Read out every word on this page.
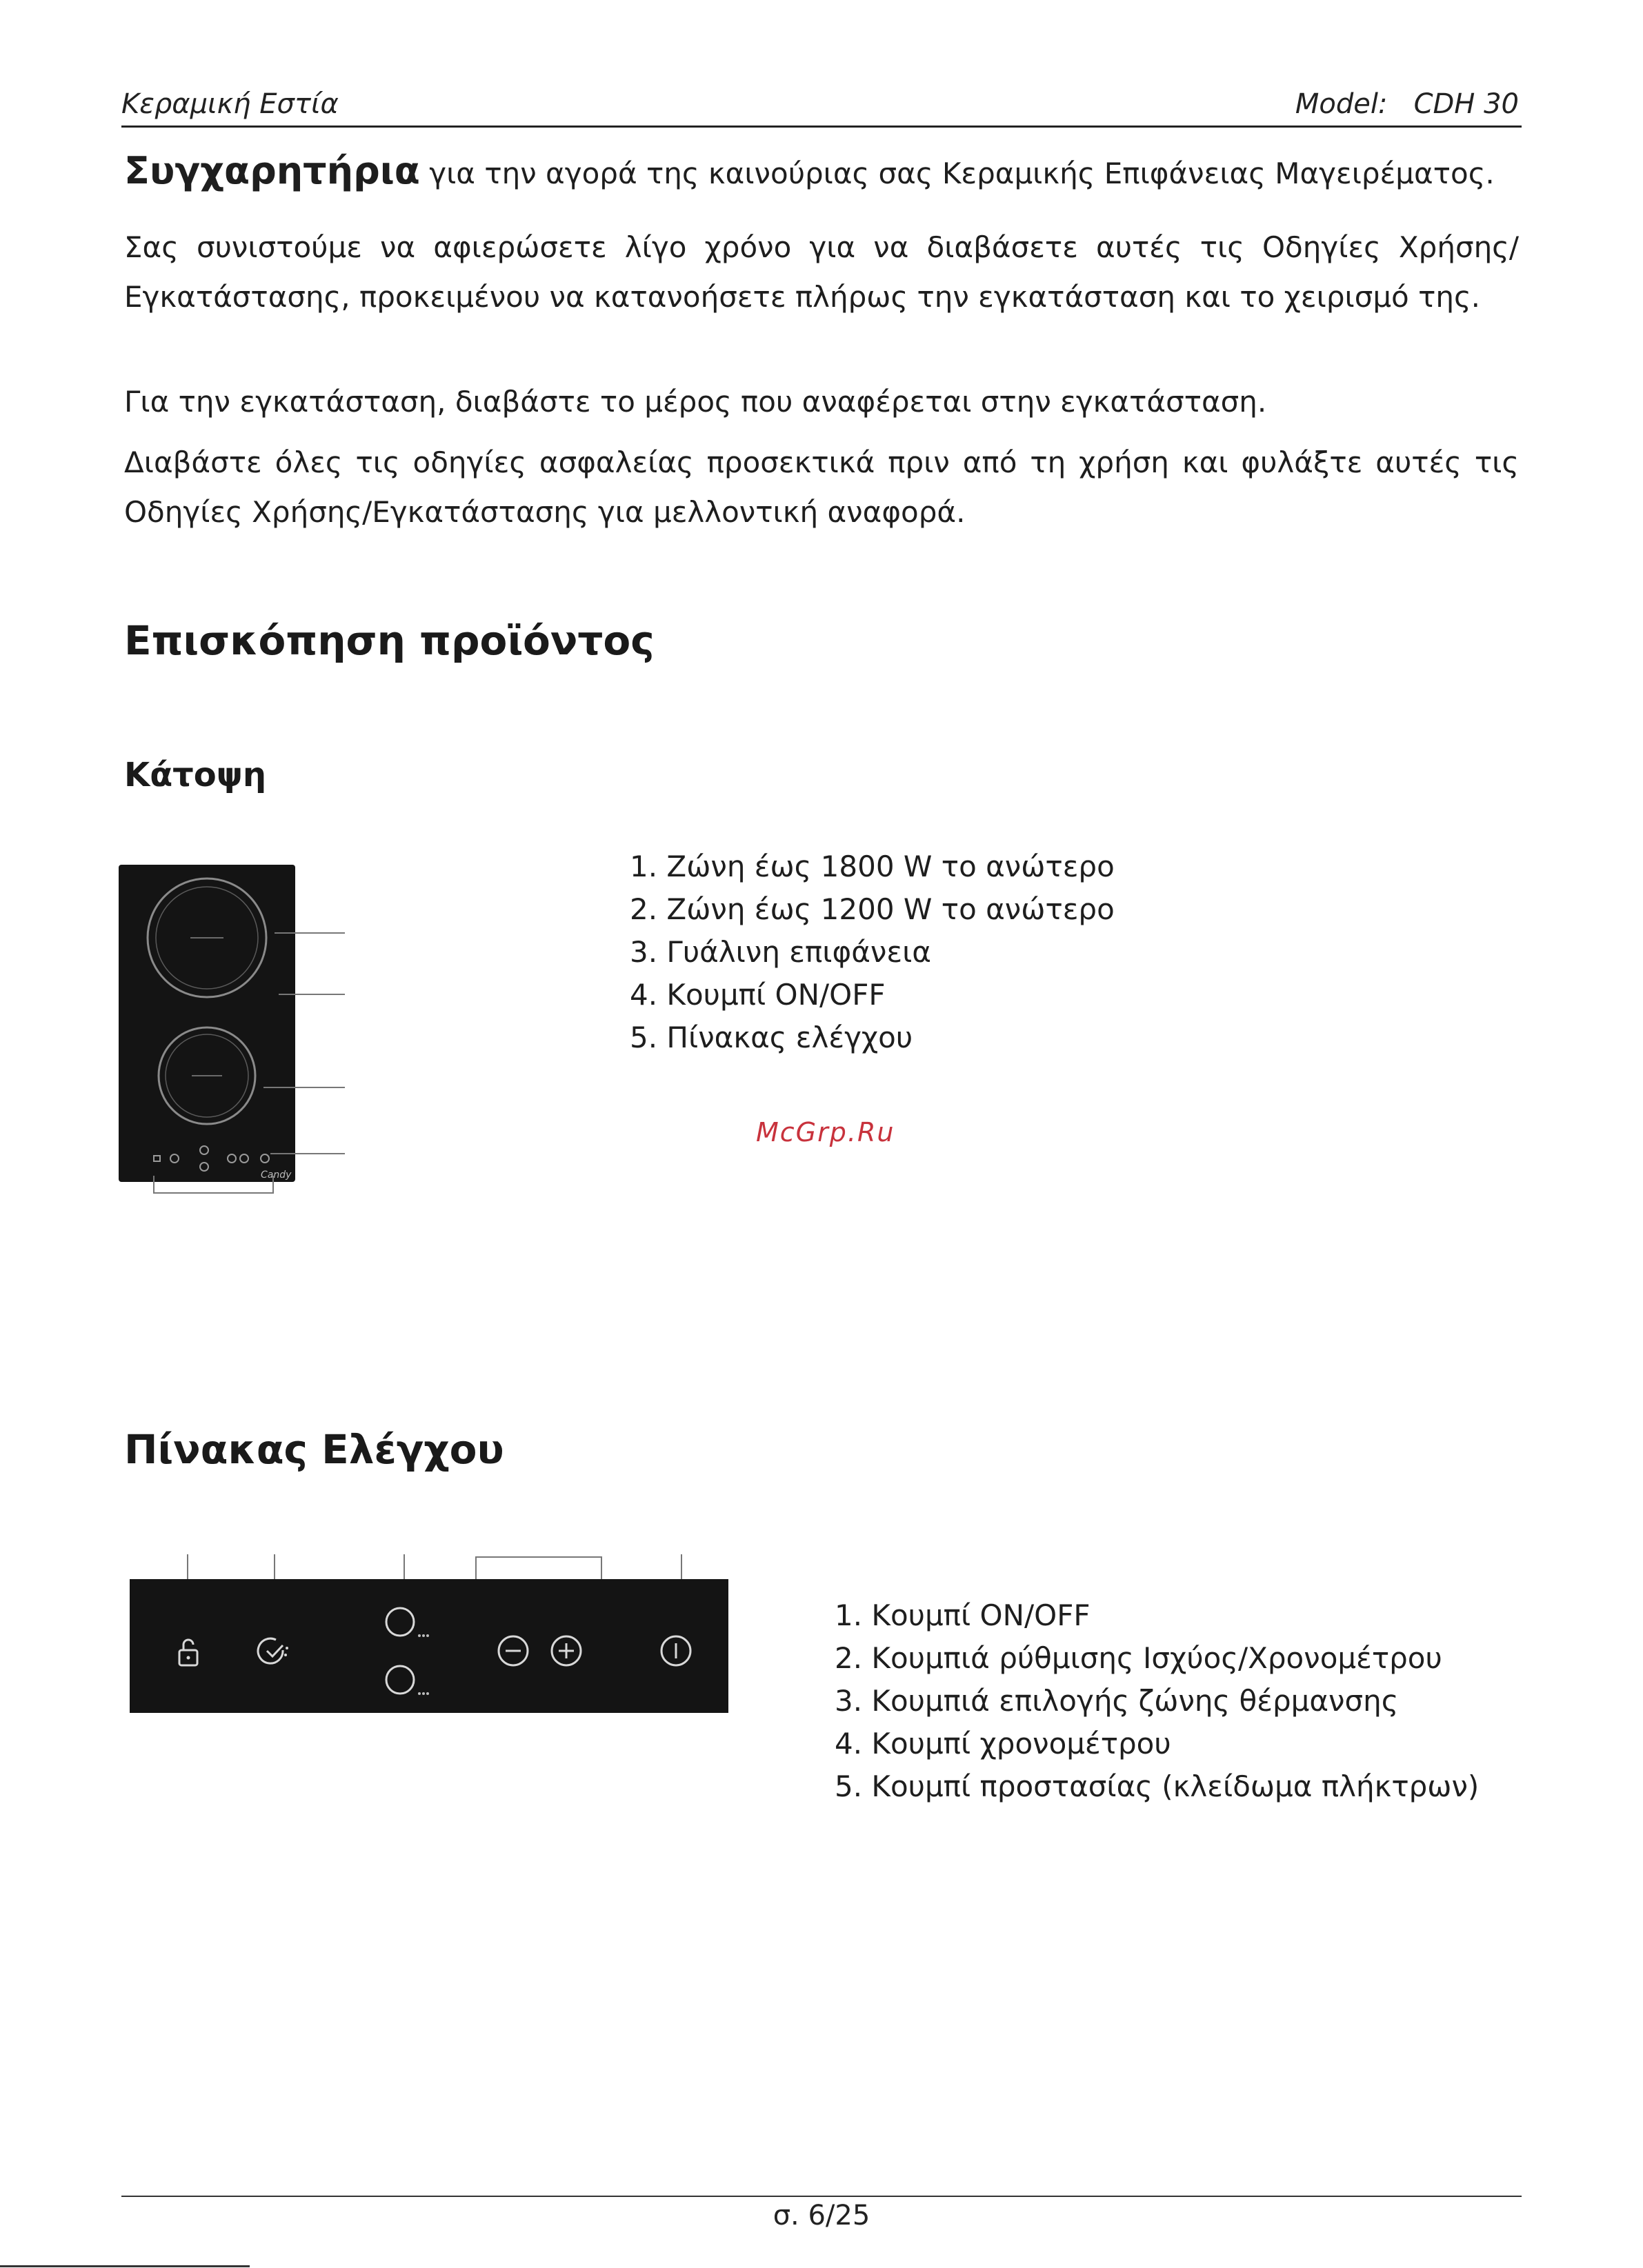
Κεραμική Εστία	Model: CDH 30
Συγχαρητήρια για την αγορά της καινούριας σας Κεραμικής Επιφάνειας Μαγειρέματος.
Σας συνιστούμε να αφιερώσετε λίγο χρόνο για να διαβάσετε αυτές τις Οδηγίες Χρήσης/Εγκατάστασης, προκειμένου να κατανοήσετε πλήρως την εγκατάσταση και το χειρισμό της.
Για την εγκατάσταση, διαβάστε το μέρος που αναφέρεται στην εγκατάσταση.
Διαβάστε όλες τις οδηγίες ασφαλείας προσεκτικά πριν από τη χρήση και φυλάξτε αυτές τις Οδηγίες Χρήσης/Εγκατάστασης για μελλοντική αναφορά.
Επισκόπηση προϊόντος
Κάτοψη
Candy
1. Ζώνη έως 1800 W το ανώτερο
2. Ζώνη έως 1200 W το ανώτερο
3. Γυάλινη επιφάνεια
4. Κουμπί ON/OFF
5. Πίνακας ελέγχου
McGrp.Ru
Πίνακας Ελέγχου
1. Κουμπί ON/OFF
2. Κουμπιά ρύθμισης Ισχύος/Χρονομέτρου
3. Κουμπιά επιλογής ζώνης θέρμανσης
4. Κουμπί χρονομέτρου
5. Κουμπί προστασίας (κλείδωμα πλήκτρων)
σ. 6/25
